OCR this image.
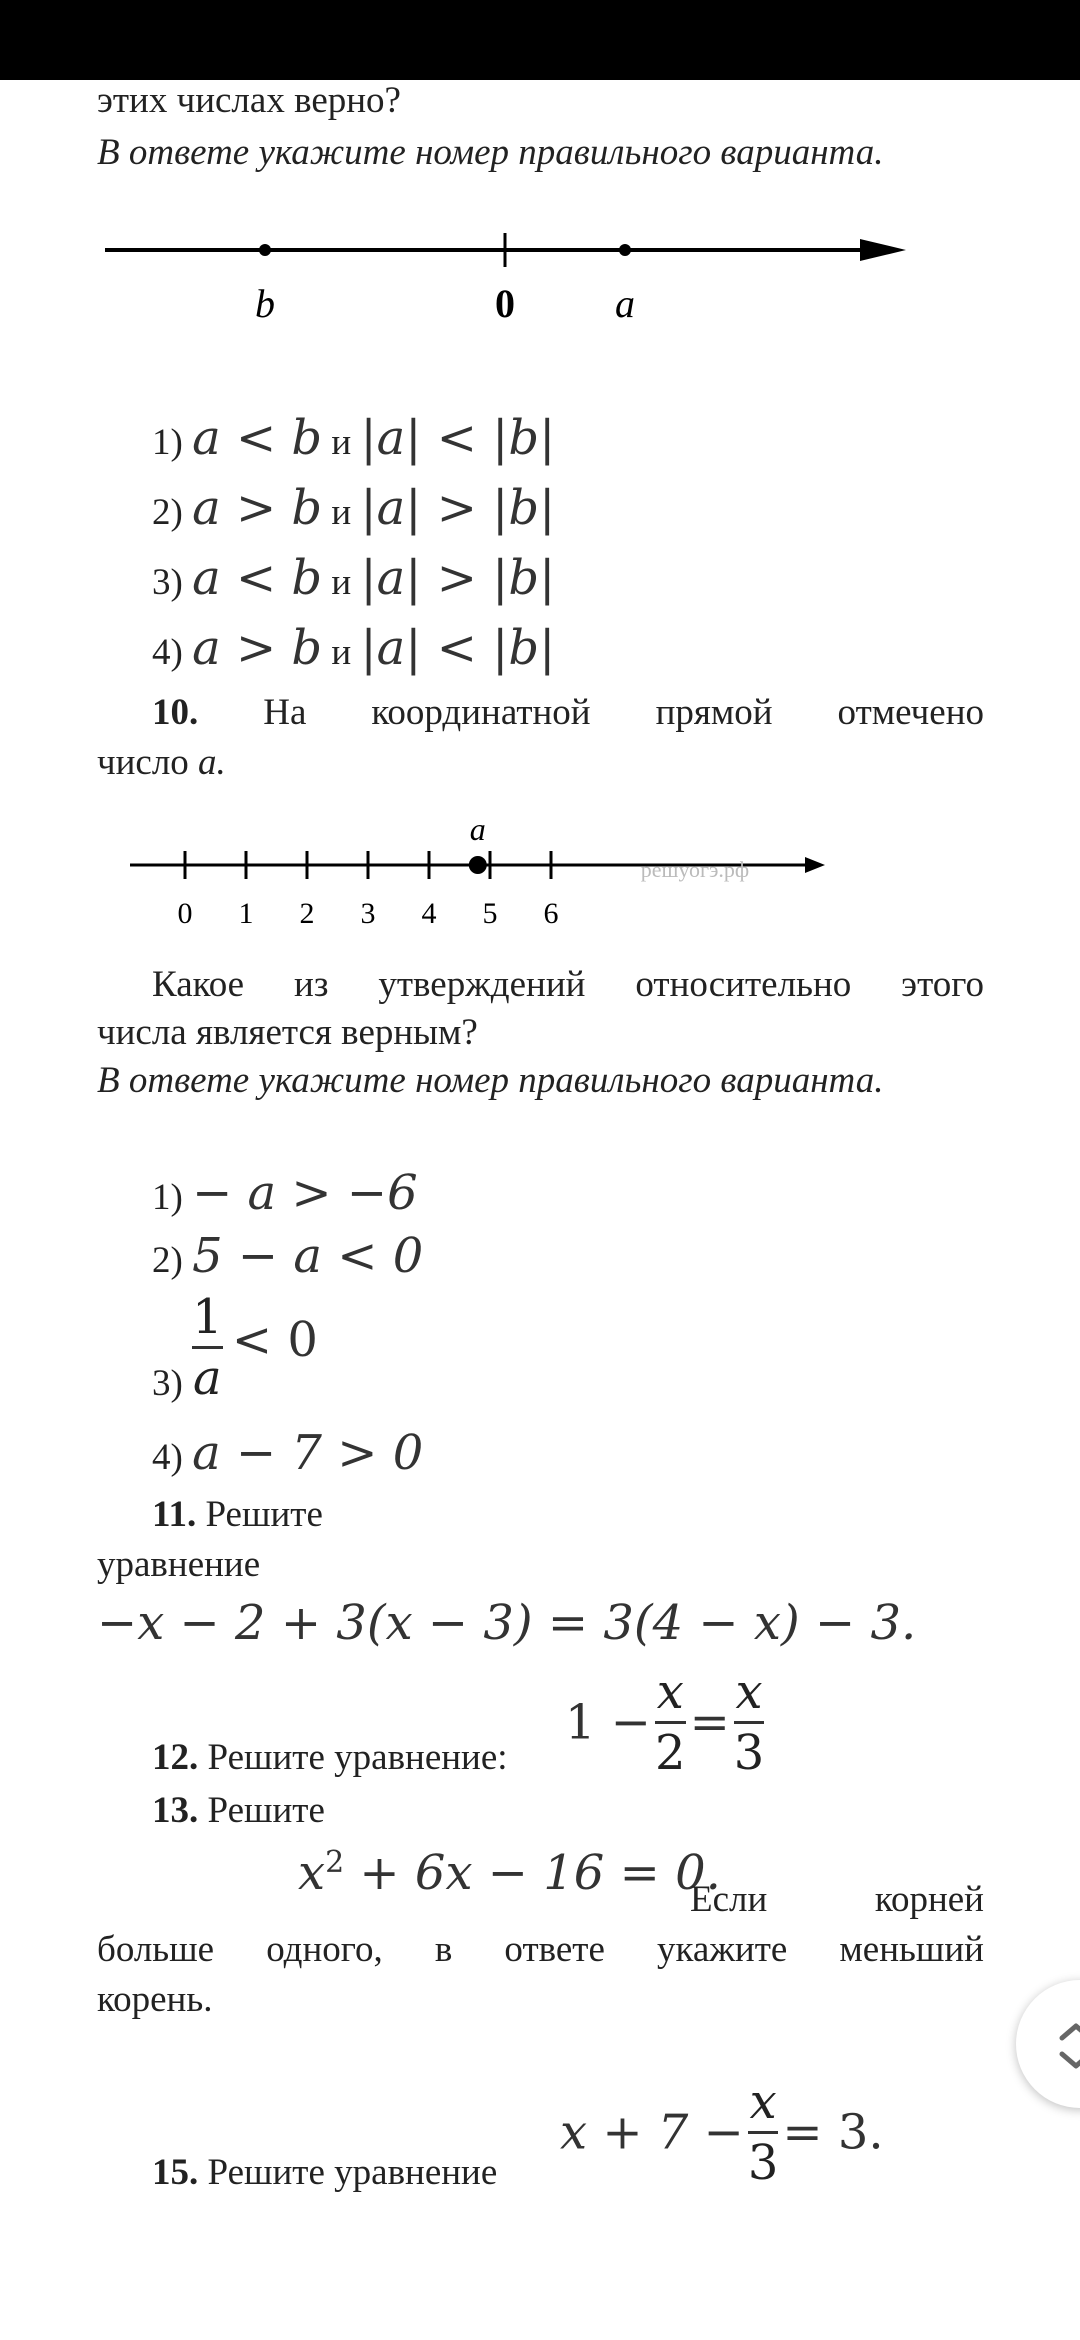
этих числах верно?
В ответе укажите номер правильного варианта.
b	0	a
1) a < b и |a| < |b|
2) a > b и |a| > |b|
3) a < b и |a| > |b|
4) a > b и |a| < |b|
10. На координатной прямой отмечено
число a.
0 1 2 3 4 5 6
решуогэ.рф
a
Какое из утверждений относительно этого
числа является верным?
В ответе укажите номер правильного варианта.
1) − a > −6
2) 5 − a < 0
$3) \frac{1}{a} < 0$
4) a − 7 > 0
11. Решите
уравнение
−x − 2 + 3(x − 3) = 3(4 − x) − 3.
12. Решите уравнение:
$1 - \frac{x}{2} = \frac{x}{3}$
13. Решите
$x^2 + 6x - 16 = 0$.
Если корней
больше одного, в ответе укажите меньший
корень.
15. Решите уравнение
$x + 7 - \frac{x}{3} = 3$.
